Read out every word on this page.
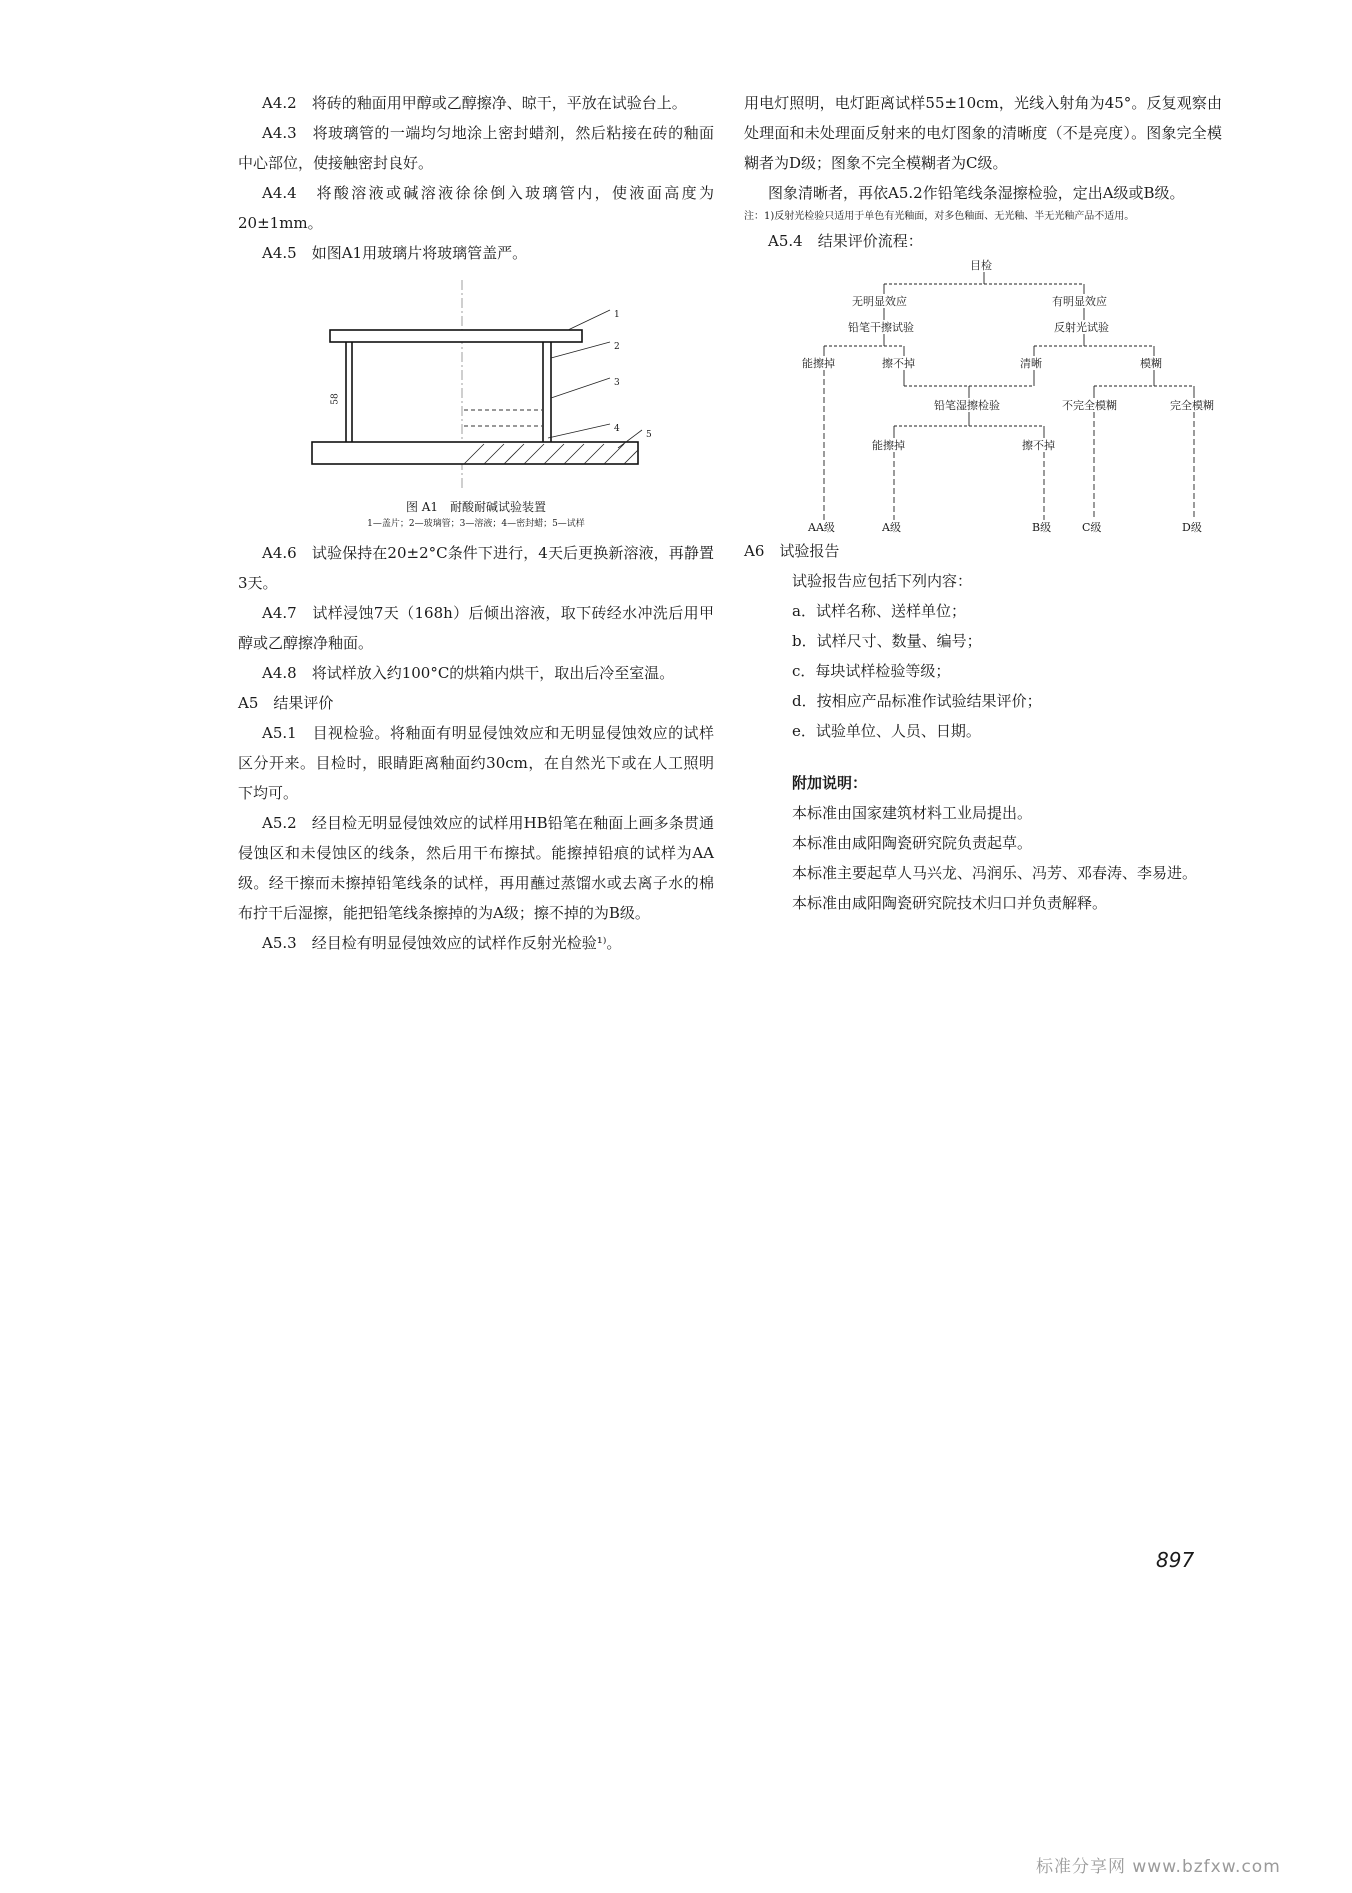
A4.2　将砖的釉面用甲醇或乙醇擦净、晾干，平放在试验台上。

A4.3　将玻璃管的一端均匀地涂上密封蜡剂，然后粘接在砖的釉面中心部位，使接触密封良好。

A4.4　将酸溶液或碱溶液徐徐倒入玻璃管内，使液面高度为20±1mm。

A4.5　如图A1用玻璃片将玻璃管盖严。

1
2
3
4
5
58

图 A1　耐酸耐碱试验装置

1—盖片；2—玻璃管；3—溶液；4—密封蜡；5—试样

A4.6　试验保持在20±2°C条件下进行，4天后更换新溶液，再静置3天。

A4.7　试样浸蚀7天（168h）后倾出溶液，取下砖经水冲洗后用甲醇或乙醇擦净釉面。

A4.8　将试样放入约100°C的烘箱内烘干，取出后冷至室温。

A5　结果评价

A5.1　目视检验。将釉面有明显侵蚀效应和无明显侵蚀效应的试样区分开来。目检时，眼睛距离釉面约30cm，在自然光下或在人工照明下均可。

A5.2　经目检无明显侵蚀效应的试样用HB铅笔在釉面上画多条贯通侵蚀区和未侵蚀区的线条，然后用干布擦拭。能擦掉铅痕的试样为AA级。经干擦而未擦掉铅笔线条的试样，再用蘸过蒸馏水或去离子水的棉布拧干后湿擦，能把铅笔线条擦掉的为A级；擦不掉的为B级。

A5.3　经目检有明显侵蚀效应的试样作反射光检验¹⁾。

用电灯照明，电灯距离试样55±10cm，光线入射角为45°。反复观察由处理面和未处理面反射来的电灯图象的清晰度（不是亮度）。图象完全模糊者为D级；图象不完全模糊者为C级。

图象清晰者，再依A5.2作铅笔线条湿擦检验，定出A级或B级。

注：1)反射光检验只适用于单色有光釉面，对多色釉面、无光釉、半无光釉产品不适用。

A5.4　结果评价流程：

目检
无明显效应	有明显效应
铅笔干擦试验	反射光试验
能擦掉	擦不掉	清晰	模糊
铅笔湿擦检验	不完全模糊	完全模糊
能擦掉	擦不掉
AA级	A级	B级	C级	D级

A6　试验报告

试验报告应包括下列内容：

a．试样名称、送样单位；

b．试样尺寸、数量、编号；

c．每块试样检验等级；

d．按相应产品标准作试验结果评价；

e．试验单位、人员、日期。

附加说明：

本标准由国家建筑材料工业局提出。

本标准由咸阳陶瓷研究院负责起草。

本标准主要起草人马兴龙、冯润乐、冯芳、邓春涛、李易进。

本标准由咸阳陶瓷研究院技术归口并负责解释。

897
标准分享网 www.bzfxw.com
